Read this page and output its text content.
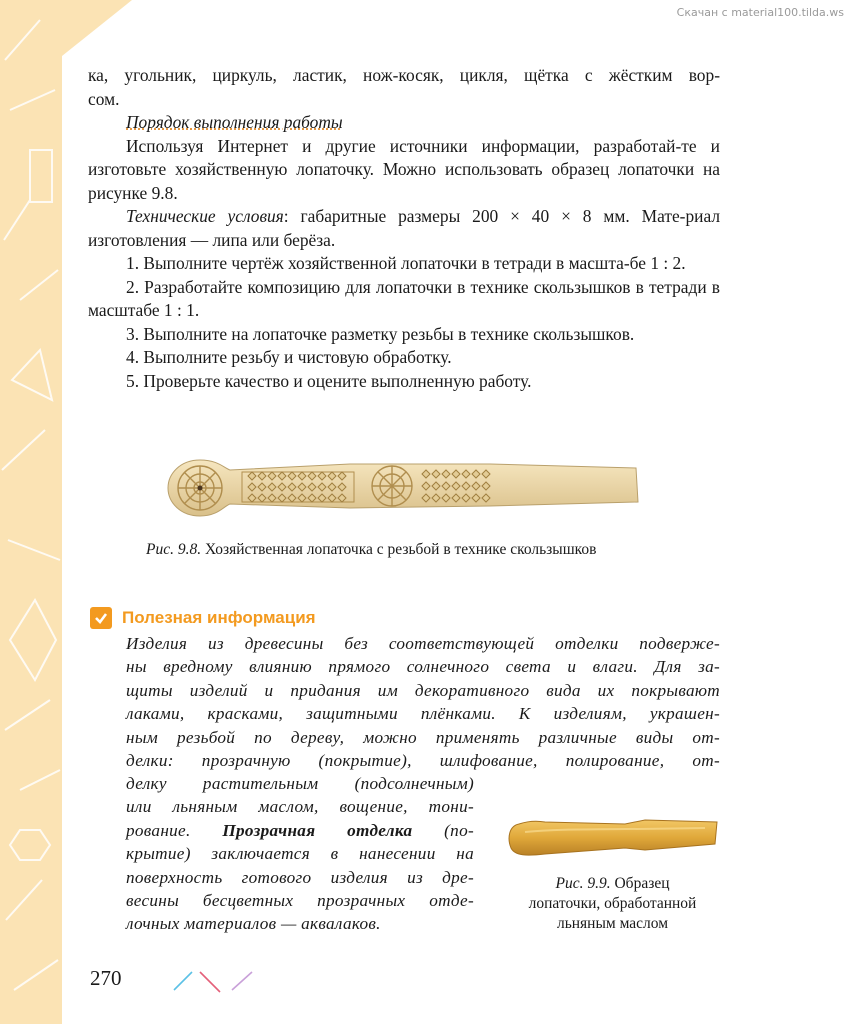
Скачан с material100.tilda.ws

ка, угольник, циркуль, ластик, нож-косяк, цикля, щётка с жёстким вор-

сом.

Порядок выполнения работы

Используя Интернет и другие источники информации, разработай-те и изготовьте хозяйственную лопаточку. Можно использовать образец лопаточки на рисунке 9.8.

Технические условия: габаритные размеры 200 × 40 × 8 мм. Мате-риал изготовления — липа или берёза.

1. Выполните чертёж хозяйственной лопаточки в тетради в масшта-бе 1 : 2.

2. Разработайте композицию для лопаточки в технике скользышков в тетради в масштабе 1 : 1.

3. Выполните на лопаточке разметку резьбы в технике скользышков.

4. Выполните резьбу и чистовую обработку.

5. Проверьте качество и оцените выполненную работу.

Рис. 9.8. Хозяйственная лопаточка с резьбой в технике скользышков
Полезная информация
Изделия из древесины без соответствующей отделки подверже-
ны вредному влиянию прямого солнечного света и влаги. Для за-
щиты изделий и придания им декоративного вида их покрывают
лаками, красками, защитными плёнками. К изделиям, украшен-
ным резьбой по дереву, можно применять различные виды от-
делки: прозрачную (покрытие), шлифование, полирование, от-
делку растительным (подсолнечным)
или льняным маслом, вощение, тони-
рование. Прозрачная отделка (по-
крытие) заключается в нанесении на
поверхность готового изделия из дре-
весины бесцветных прозрачных отде-
лочных материалов — аквалаков.
Рис. 9.9. Образец
лопаточки, обработанной
льняным маслом
270
